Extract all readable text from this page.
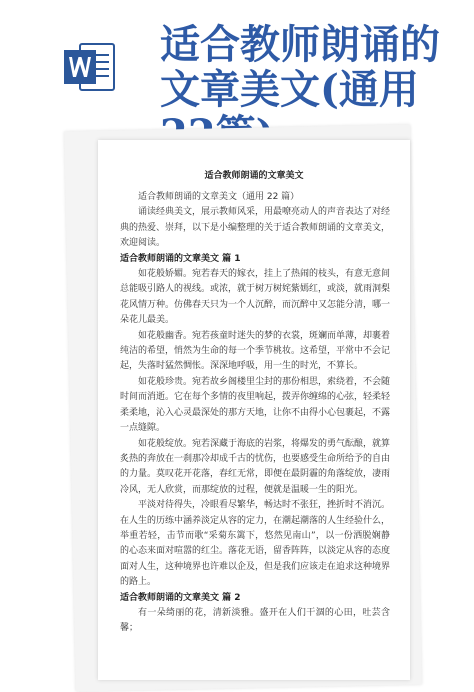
适合教师朗诵的文章美文(通用
适合教师朗诵的文章美文

适合教师朗诵的文章美文（通用 22 篇）

诵读经典美文，展示教师风采，用最嘹亮动人的声音表达了对经典的热爱、崇拜，以下是小编整理的关于适合教师朗诵的文章美文，欢迎阅读。

适合教师朗诵的文章美文 篇 1

如花般娇媚。宛若春天的嫁衣，挂上了热闹的枝头，有意无意间总能吸引路人的视线。或浓，就于树万树姹紫嫣红，或淡，就雨洞梨花风情万种。仿佛春天只为一个人沉醉，而沉醉中又怎能分清，哪一朵花儿最美。

如花般幽香。宛若孩童时迷失的梦的衣裳，斑斓而单薄，却裹着纯洁的希望，悄然为生命的每一个季节桃妆。这希望，平常中不会记起，失落时猛然惆怅。深深地呼吸，用一生的时光，不算长。

如花般珍贵。宛若故乡阁楼里尘封的那份相思，索绕着，不会随时间而消逝。它在每个多情的夜里响起，拨弄你缠绵的心弦，轻柔轻柔柔地，沁入心灵最深处的那方天地，让你不由得小心包裹起，不露一点缝隙。

如花般绽放。宛若深藏于海底的岩浆，将爆发的勇气酝酿，就算炙热的奔放在一刹那冷却成千古的忧伤，也要感受生命所给予的自由的力量。莫叹花开花落，春红无常，即便在最阴霾的角落绽放，凄雨冷风，无人欣赏，而那绽放的过程，便就是温暖一生的阳光。

平淡对待得失，冷眼看尽繁华，畅达时不张狂，挫折时不消沉。在人生的历练中涵养淡定从容的定力，在潮起潮落的人生经验什么，举重若轻，击节而歌“采菊东篱下，悠然见南山”，以一份洒脱娴静的心态来面对喧嚣的红尘。落花无语，留香阵阵，以淡定从容的态度面对人生，这种境界也许难以企及，但是我们应该走在追求这种境界的路上。

适合教师朗诵的文章美文 篇 2

有一朵绮丽的花，清新淡雅。盛开在人们干涸的心田，吐芸含馨；
